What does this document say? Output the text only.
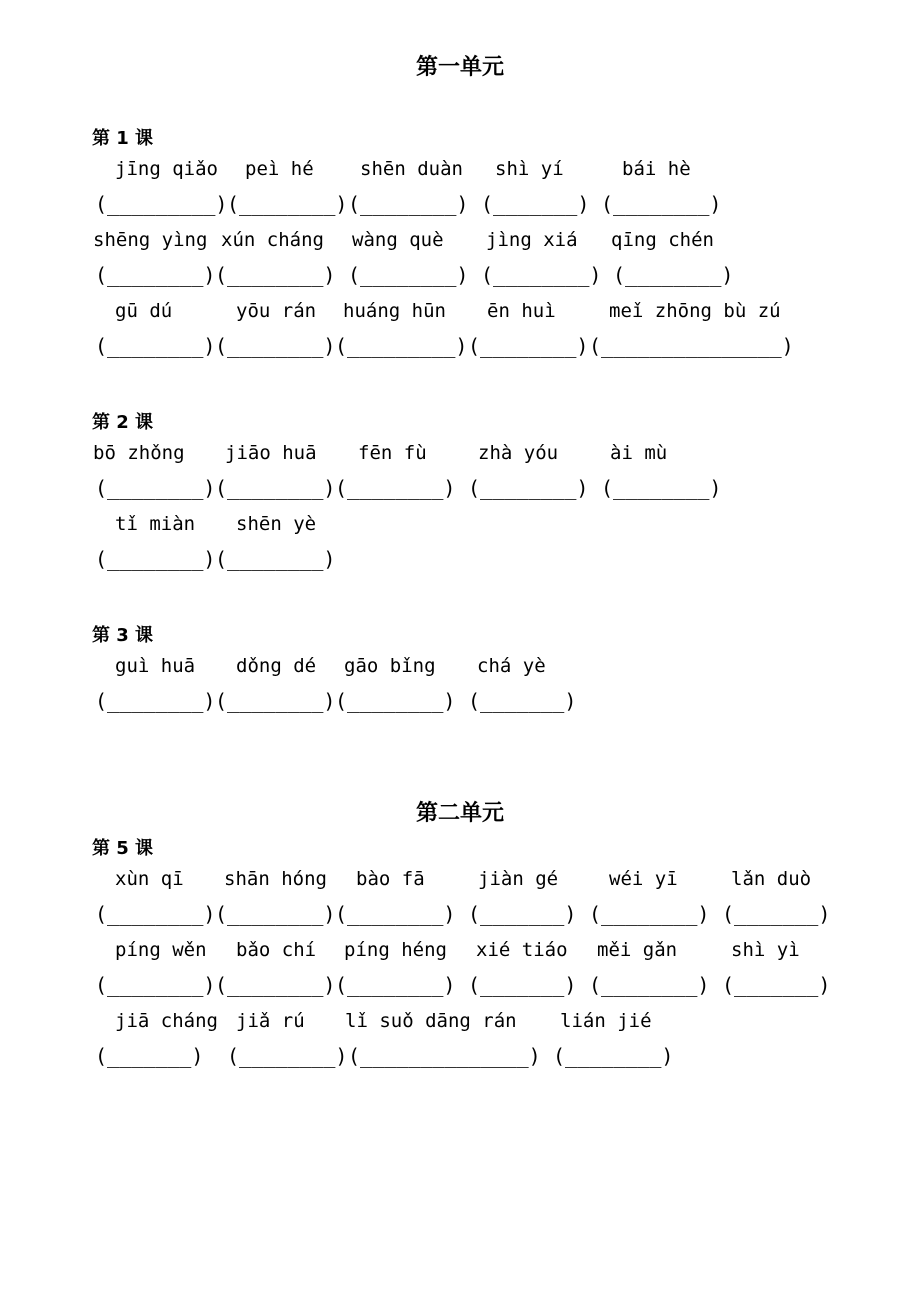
第一单元
第 1 课
jīng qiǎo peì hé shēn duàn shì yí	bái hè
(_________) (________) (________) (_______) (________)
shēng yìng xún cháng wàng què jìng xiá qīng chén
(________) (________) (________) (________) (________)
gū dú	yōu rán huáng hūn ēn huì	meǐ zhōng bù zú
(________) (________) (_________) (________) (_______________)
第 2 课
bō zhǒng jiāo huā fēn fù	zhà yóu	ài mù
(________) (________) (________) (________) (________)
tǐ miàn shēn yè
(________) (________)
第 3 课
guì huā dǒng dé gāo bǐng chá yè
(________) (________) (________) (_______)
第二单元
第 5 课
xùn qī shān hóng bào fā	jiàn gé	wéi yī	lǎn duò
(________) (________) (________) (_______) (________) (_______)
píng wěn bǎo chí píng héng xié tiáo měi gǎn	shì yì
(________) (________) (________) (_______) (________) (_______)
jiā cháng jiǎ rú lǐ suǒ dāng rán lián jié
(_______) (________) (______________) (________)
